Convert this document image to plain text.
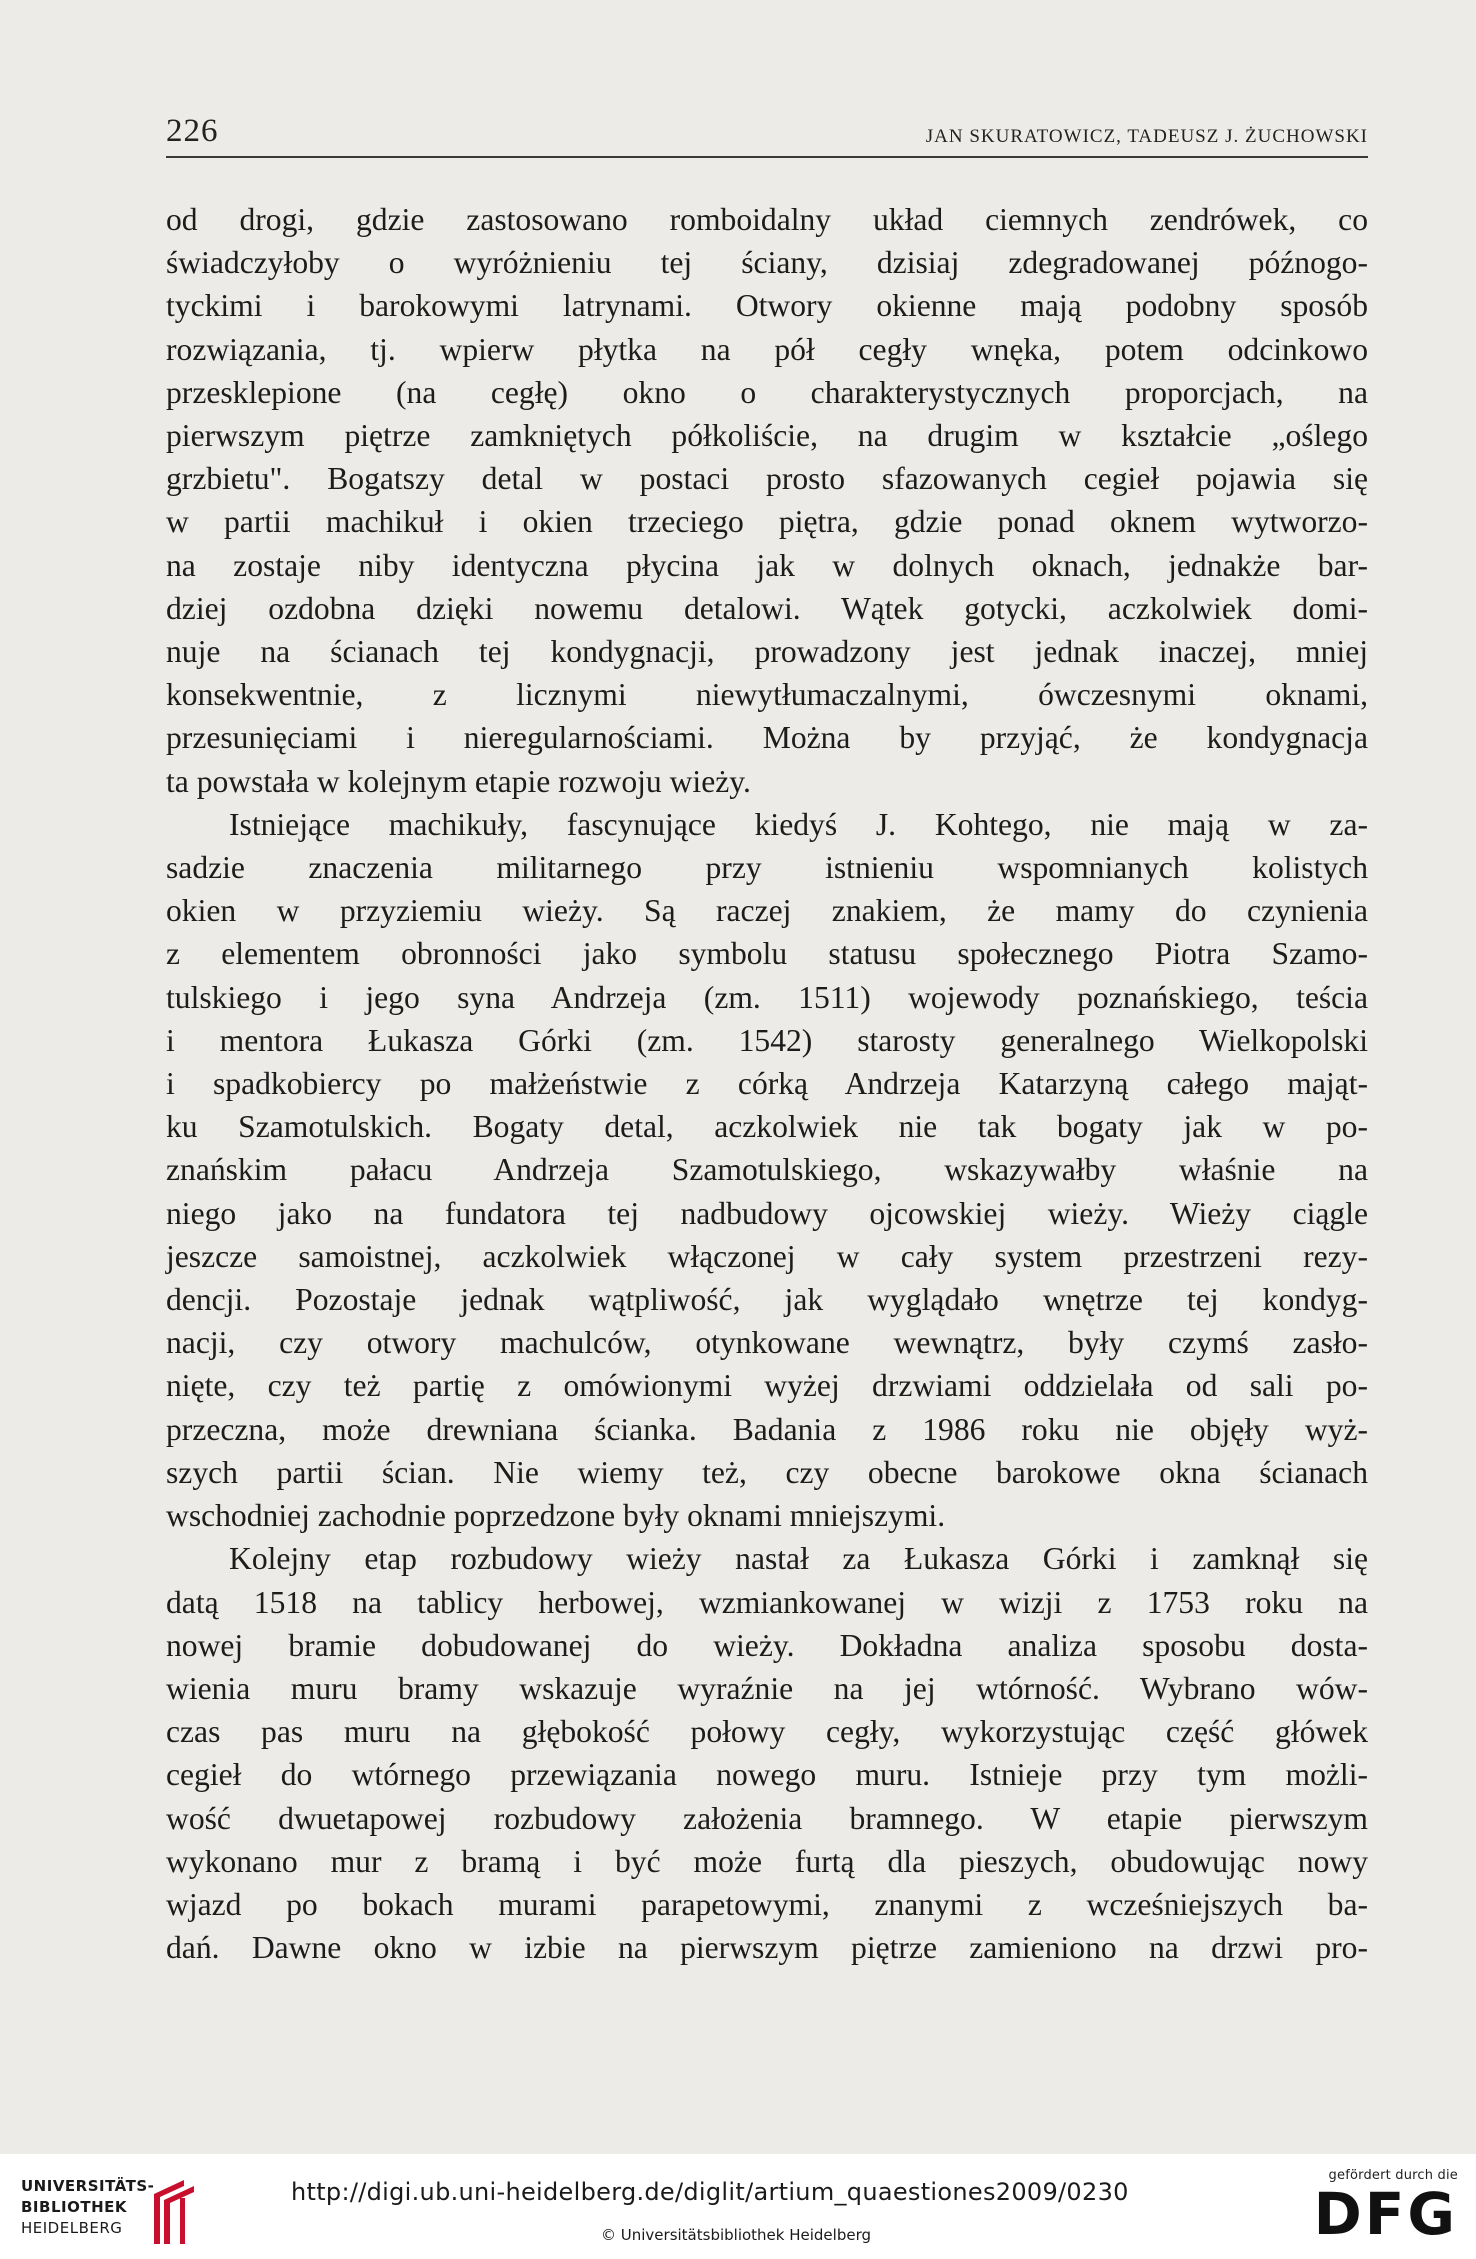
226	JAN SKURATOWICZ, TADEUSZ J. ŻUCHOWSKI

od drogi, gdzie zastosowano romboidalny układ ciemnych zendrówek, co

świadczyłoby o wyróżnieniu tej ściany, dzisiaj zdegradowanej późnogo-

tyckimi i barokowymi latrynami. Otwory okienne mają podobny sposób

rozwiązania, tj. wpierw płytka na pół cegły wnęka, potem odcinkowo

przesklepione (na cegłę) okno o charakterystycznych proporcjach, na

pierwszym piętrze zamkniętych półkoliście, na drugim w kształcie „oślego

grzbietu". Bogatszy detal w postaci prosto sfazowanych cegieł pojawia się

w partii machikuł i okien trzeciego piętra, gdzie ponad oknem wytworzo-

na zostaje niby identyczna płycina jak w dolnych oknach, jednakże bar-

dziej ozdobna dzięki nowemu detalowi. Wątek gotycki, aczkolwiek domi-

nuje na ścianach tej kondygnacji, prowadzony jest jednak inaczej, mniej

konsekwentnie, z licznymi niewytłumaczalnymi, ówczesnymi oknami,

przesunięciami i nieregularnościami. Można by przyjąć, że kondygnacja

ta powstała w kolejnym etapie rozwoju wieży.

Istniejące machikuły, fascynujące kiedyś J. Kohtego, nie mają w za-

sadzie znaczenia militarnego przy istnieniu wspomnianych kolistych

okien w przyziemiu wieży. Są raczej znakiem, że mamy do czynienia

z elementem obronności jako symbolu statusu społecznego Piotra Szamo-

tulskiego i jego syna Andrzeja (zm. 1511) wojewody poznańskiego, teścia

i mentora Łukasza Górki (zm. 1542) starosty generalnego Wielkopolski

i spadkobiercy po małżeństwie z córką Andrzeja Katarzyną całego mająt-

ku Szamotulskich. Bogaty detal, aczkolwiek nie tak bogaty jak w po-

znańskim pałacu Andrzeja Szamotulskiego, wskazywałby właśnie na

niego jako na fundatora tej nadbudowy ojcowskiej wieży. Wieży ciągle

jeszcze samoistnej, aczkolwiek włączonej w cały system przestrzeni rezy-

dencji. Pozostaje jednak wątpliwość, jak wyglądało wnętrze tej kondyg-

nacji, czy otwory machulców, otynkowane wewnątrz, były czymś zasło-

nięte, czy też partię z omówionymi wyżej drzwiami oddzielała od sali po-

przeczna, może drewniana ścianka. Badania z 1986 roku nie objęły wyż-

szych partii ścian. Nie wiemy też, czy obecne barokowe okna ścianach

wschodniej zachodnie poprzedzone były oknami mniejszymi.

Kolejny etap rozbudowy wieży nastał za Łukasza Górki i zamknął się

datą 1518 na tablicy herbowej, wzmiankowanej w wizji z 1753 roku na

nowej bramie dobudowanej do wieży. Dokładna analiza sposobu dosta-

wienia muru bramy wskazuje wyraźnie na jej wtórność. Wybrano wów-

czas pas muru na głębokość połowy cegły, wykorzystując część główek

cegieł do wtórnego przewiązania nowego muru. Istnieje przy tym możli-

wość dwuetapowej rozbudowy założenia bramnego. W etapie pierwszym

wykonano mur z bramą i być może furtą dla pieszych, obudowując nowy

wjazd po bokach murami parapetowymi, znanymi z wcześniejszych ba-

dań. Dawne okno w izbie na pierwszym piętrze zamieniono na drzwi pro-

UNIVERSITÄTS-
BIBLIOTHEK
HEIDELBERG
http://digi.ub.uni-heidelberg.de/diglit/artium_quaestiones2009/0230
© Universitätsbibliothek Heidelberg
gefördert durch die
DFG
